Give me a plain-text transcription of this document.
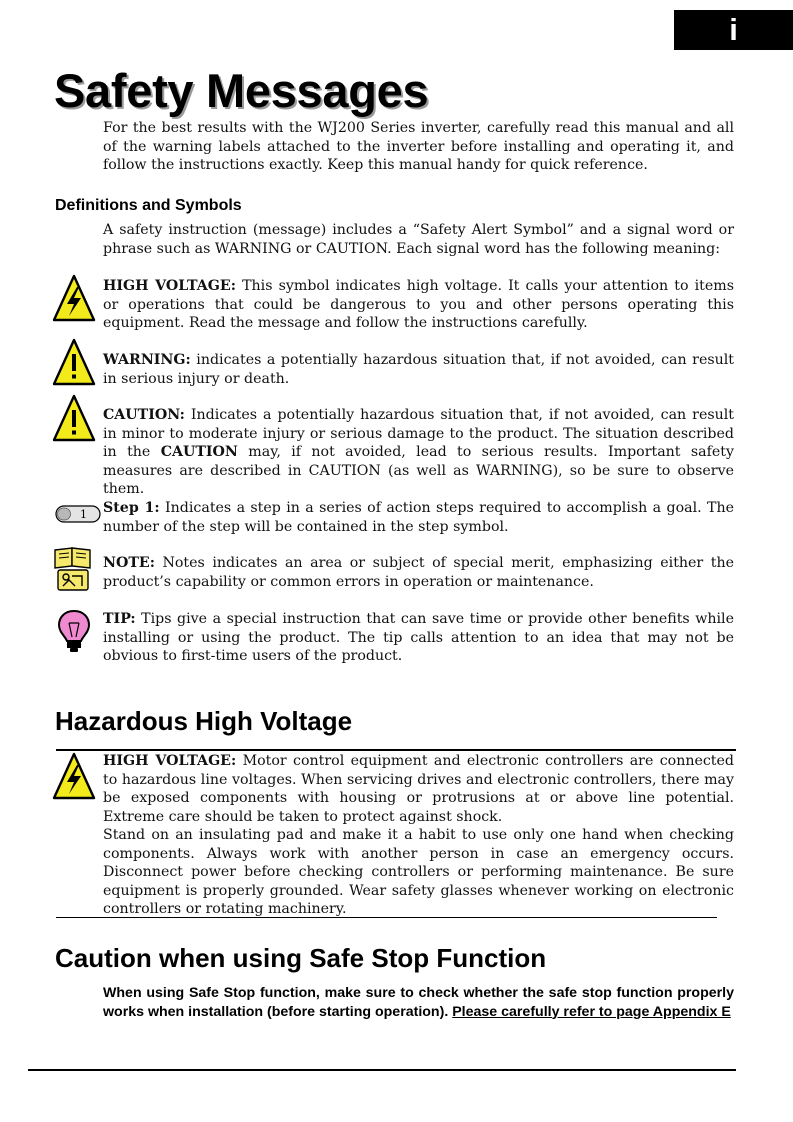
i
Safety Messages

For the best results with the WJ200 Series inverter, carefully read this manual and all of the warning labels attached to the inverter before installing and operating it, and follow the instructions exactly. Keep this manual handy for quick reference.

Definitions and Symbols

A safety instruction (message) includes a “Safety Alert Symbol” and a signal word or phrase such as WARNING or CAUTION. Each signal word has the following meaning:

HIGH VOLTAGE: This symbol indicates high voltage. It calls your attention to items or operations that could be dangerous to you and other persons operating this equipment. Read the message and follow the instructions carefully.

WARNING: indicates a potentially hazardous situation that, if not avoided, can result in serious injury or death.

CAUTION: Indicates a potentially hazardous situation that, if not avoided, can result in minor to moderate injury or serious damage to the product. The situation described in the CAUTION may, if not avoided, lead to serious results. Important safety measures are described in CAUTION (as well as WARNING), so be sure to observe them.

1 Step 1: Indicates a step in a series of action steps required to accomplish a goal. The number of the step will be contained in the step symbol.

NOTE: Notes indicates an area or subject of special merit, emphasizing either the product’s capability or common errors in operation or maintenance.

TIP: Tips give a special instruction that can save time or provide other benefits while installing or using the product. The tip calls attention to an idea that may not be obvious to first-time users of the product.

Hazardous High Voltage

HIGH VOLTAGE: Motor control equipment and electronic controllers are connected to hazardous line voltages. When servicing drives and electronic controllers, there may be exposed components with housing or protrusions at or above line potential. Extreme care should be taken to protect against shock.

Stand on an insulating pad and make it a habit to use only one hand when checking components. Always work with another person in case an emergency occurs. Disconnect power before checking controllers or performing maintenance. Be sure equipment is properly grounded. Wear safety glasses whenever working on electronic controllers or rotating machinery.

Caution when using Safe Stop Function

When using Safe Stop function, make sure to check whether the safe stop function properly works when installation (before starting operation). Please carefully refer to page Appendix E
